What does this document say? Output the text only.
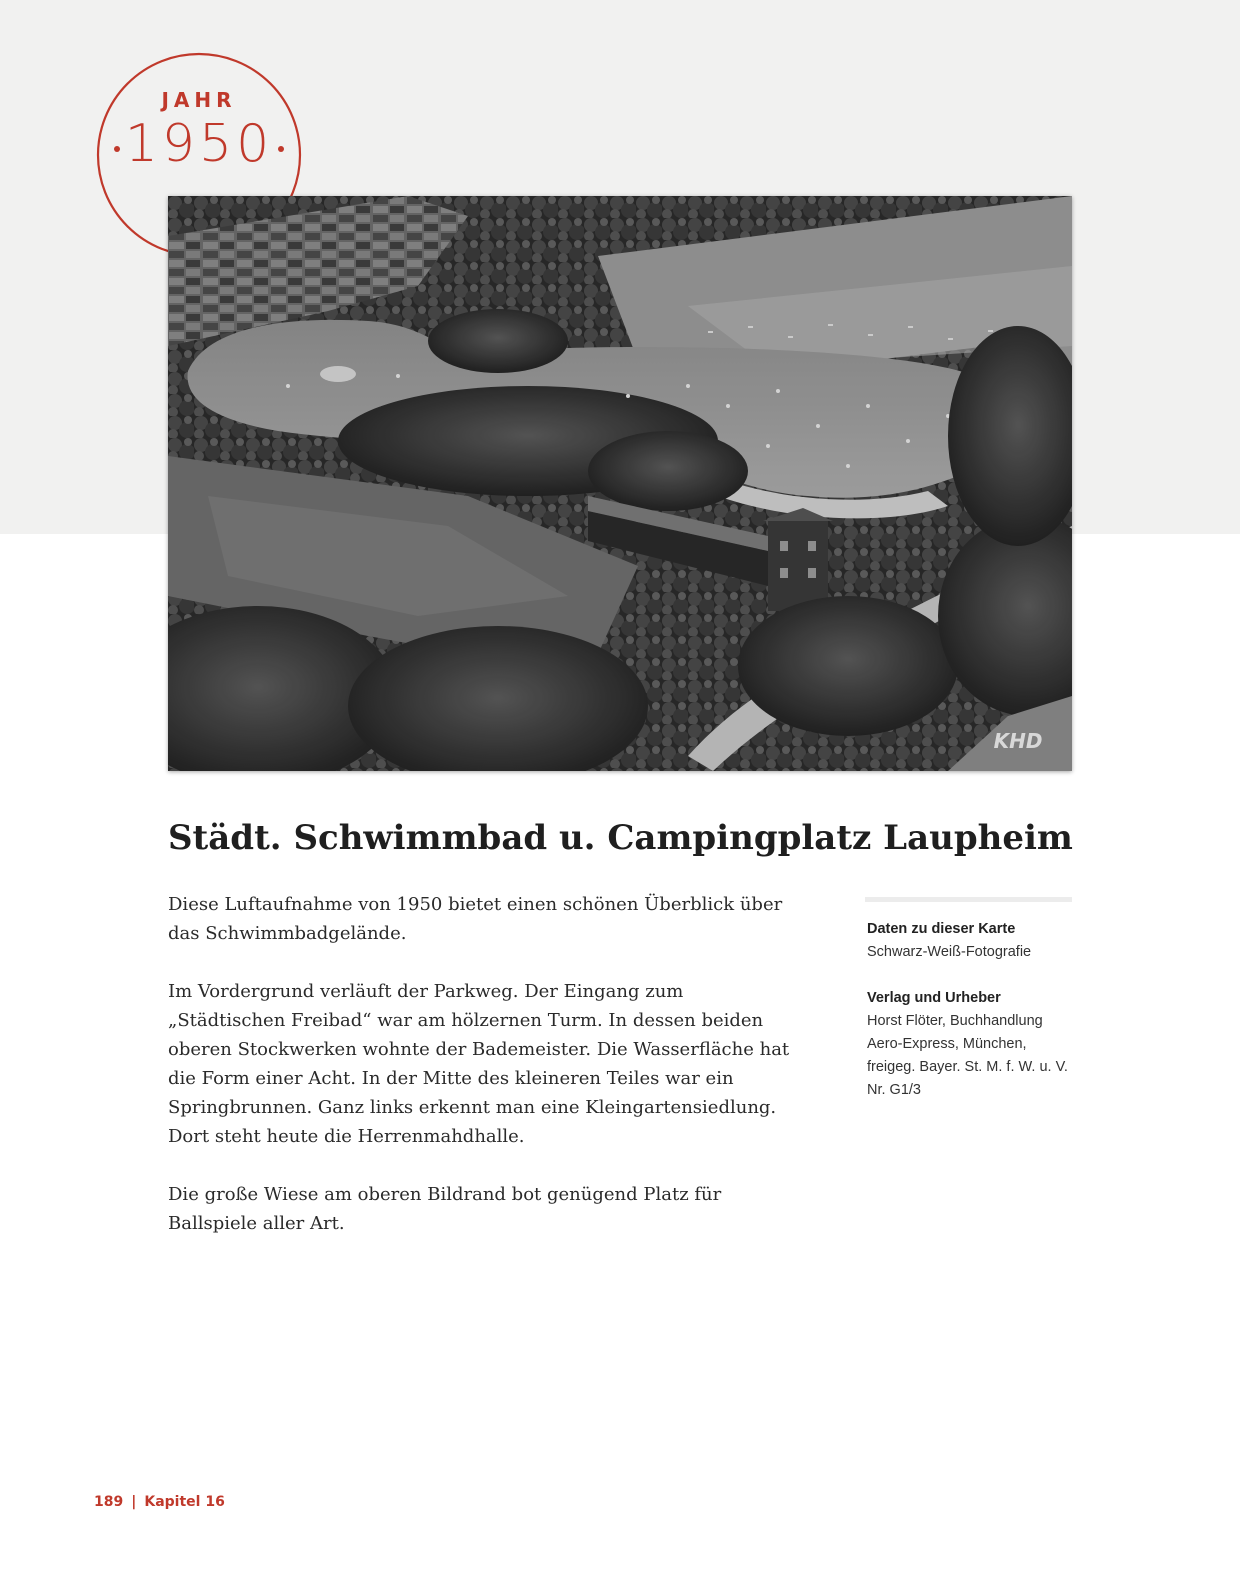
JAHR
1950
KHD
Städt. Schwimmbad u. Campingplatz Laupheim

Diese Luftaufnahme von 1950 bietet einen schönen Überblick über das Schwimmbadgelände.

Im Vordergrund verläuft der Parkweg. Der Eingang zum „Städtischen Freibad“ war am hölzernen Turm. In dessen beiden oberen Stockwerken wohnte der Bademeister. Die Wasserfläche hat die Form einer Acht. In der Mitte des kleineren Teiles war ein Springbrunnen. Ganz links erkennt man eine Kleingartensiedlung. Dort steht heute die Herrenmahdhalle.

Die große Wiese am oberen Bildrand bot genügend Platz für Ballspiele aller Art.

Daten zu dieser Karte
Schwarz-Weiß-Fotografie
Verlag und Urheber
Horst Flöter, Buchhandlung Aero-Express, München, freigeg. Bayer. St. M. f. W. u. V. Nr. G1/3
189 | Kapitel 16
